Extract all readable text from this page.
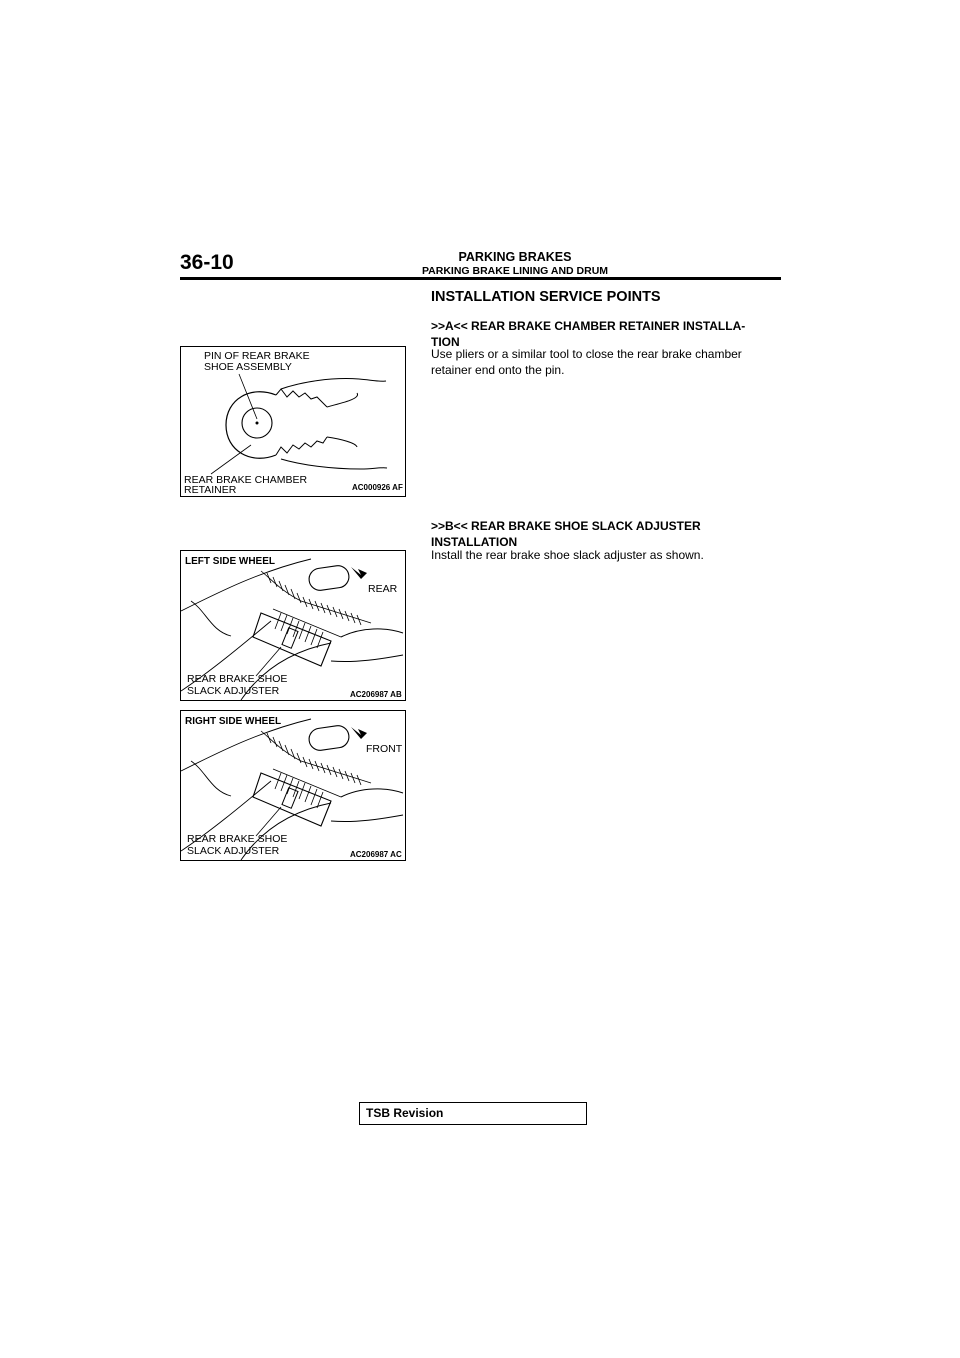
36-10	PARKING BRAKES
PARKING BRAKE LINING AND DRUM
INSTALLATION SERVICE POINTS
>>A<< REAR BRAKE CHAMBER RETAINER INSTALLA-
TION
Use pliers or a similar tool to close the rear brake chamber
retainer end onto the pin.
>>B<< REAR BRAKE SHOE SLACK ADJUSTER
INSTALLATION
Install the rear brake shoe slack adjuster as shown.
PIN OF REAR BRAKE
SHOE ASSEMBLY
REAR BRAKE CHAMBER
RETAINER	AC000926 AF
LEFT SIDE WHEEL
REAR
REAR BRAKE SHOE
SLACK ADJUSTER	AC206987 AB
RIGHT SIDE WHEEL
FRONT
REAR BRAKE SHOE
SLACK ADJUSTER	AC206987 AC
TSB Revision
